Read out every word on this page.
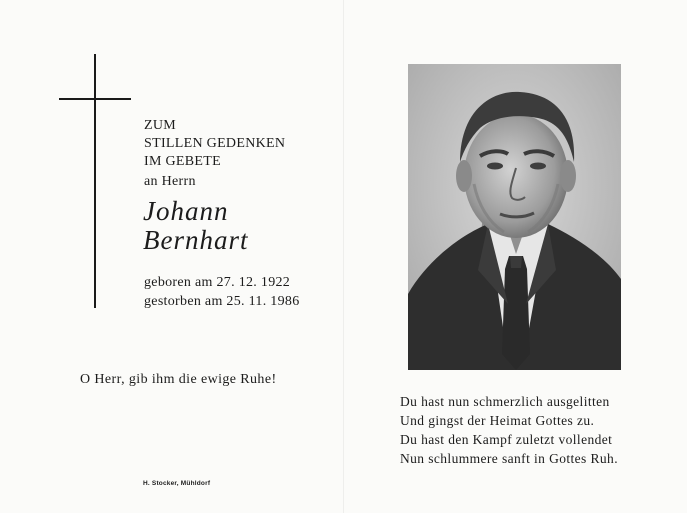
ZUM
STILLEN GEDENKEN
IM GEBETE
an Herrn
Johann
Bernhart
geboren am 27. 12. 1922
gestorben am 25. 11. 1986
O Herr, gib ihm die ewige Ruhe!
H. Stocker, Mühldorf
Du hast nun schmerzlich ausgelitten
Und gingst der Heimat Gottes zu.
Du hast den Kampf zuletzt vollendet
Nun schlummere sanft in Gottes Ruh.
